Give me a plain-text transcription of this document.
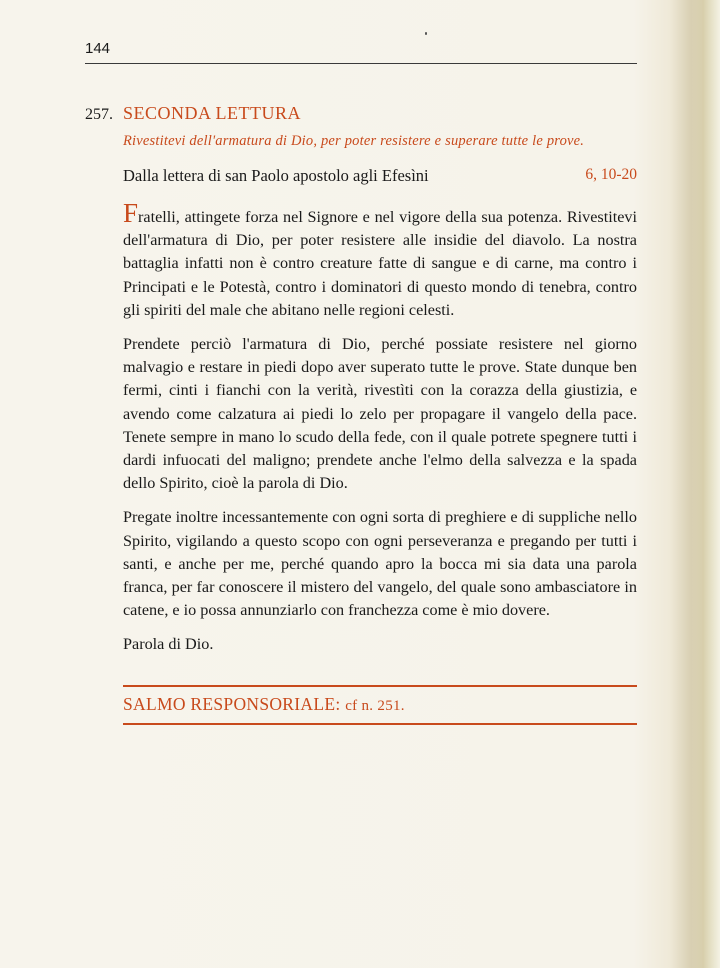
144
257. SECONDA LETTURA
Rivestitevi dell'armatura di Dio, per poter resistere e superare tutte le prove.
Dalla lettera di san Paolo apostolo agli Efesìni	6, 10-20

Fratelli, attingete forza nel Signore e nel vigore della sua potenza. Rivestitevi dell'armatura di Dio, per poter resistere alle insidie del diavolo. La nostra battaglia infatti non è contro creature fatte di sangue e di carne, ma contro i Principati e le Potestà, contro i dominatori di questo mondo di tenebra, contro gli spiriti del male che abitano nelle regioni celesti.

Prendete perciò l'armatura di Dio, perché possiate resistere nel giorno malvagio e restare in piedi dopo aver superato tutte le prove. State dunque ben fermi, cinti i fianchi con la verità, rivestìti con la corazza della giustizia, e avendo come calzatura ai piedi lo zelo per propagare il vangelo della pace. Tenete sempre in mano lo scudo della fede, con il quale potrete spegnere tutti i dardi infuocati del maligno; prendete anche l'elmo della salvezza e la spada dello Spirito, cioè la parola di Dio.

Pregate inoltre incessantemente con ogni sorta di preghiere e di suppliche nello Spirito, vigilando a questo scopo con ogni perseveranza e pregando per tutti i santi, e anche per me, perché quando apro la bocca mi sia data una parola franca, per far conoscere il mistero del vangelo, del quale sono ambasciatore in catene, e io possa annunziarlo con franchezza come è mio dovere.

Parola di Dio.

SALMO RESPONSORIALE: cf n. 251.
